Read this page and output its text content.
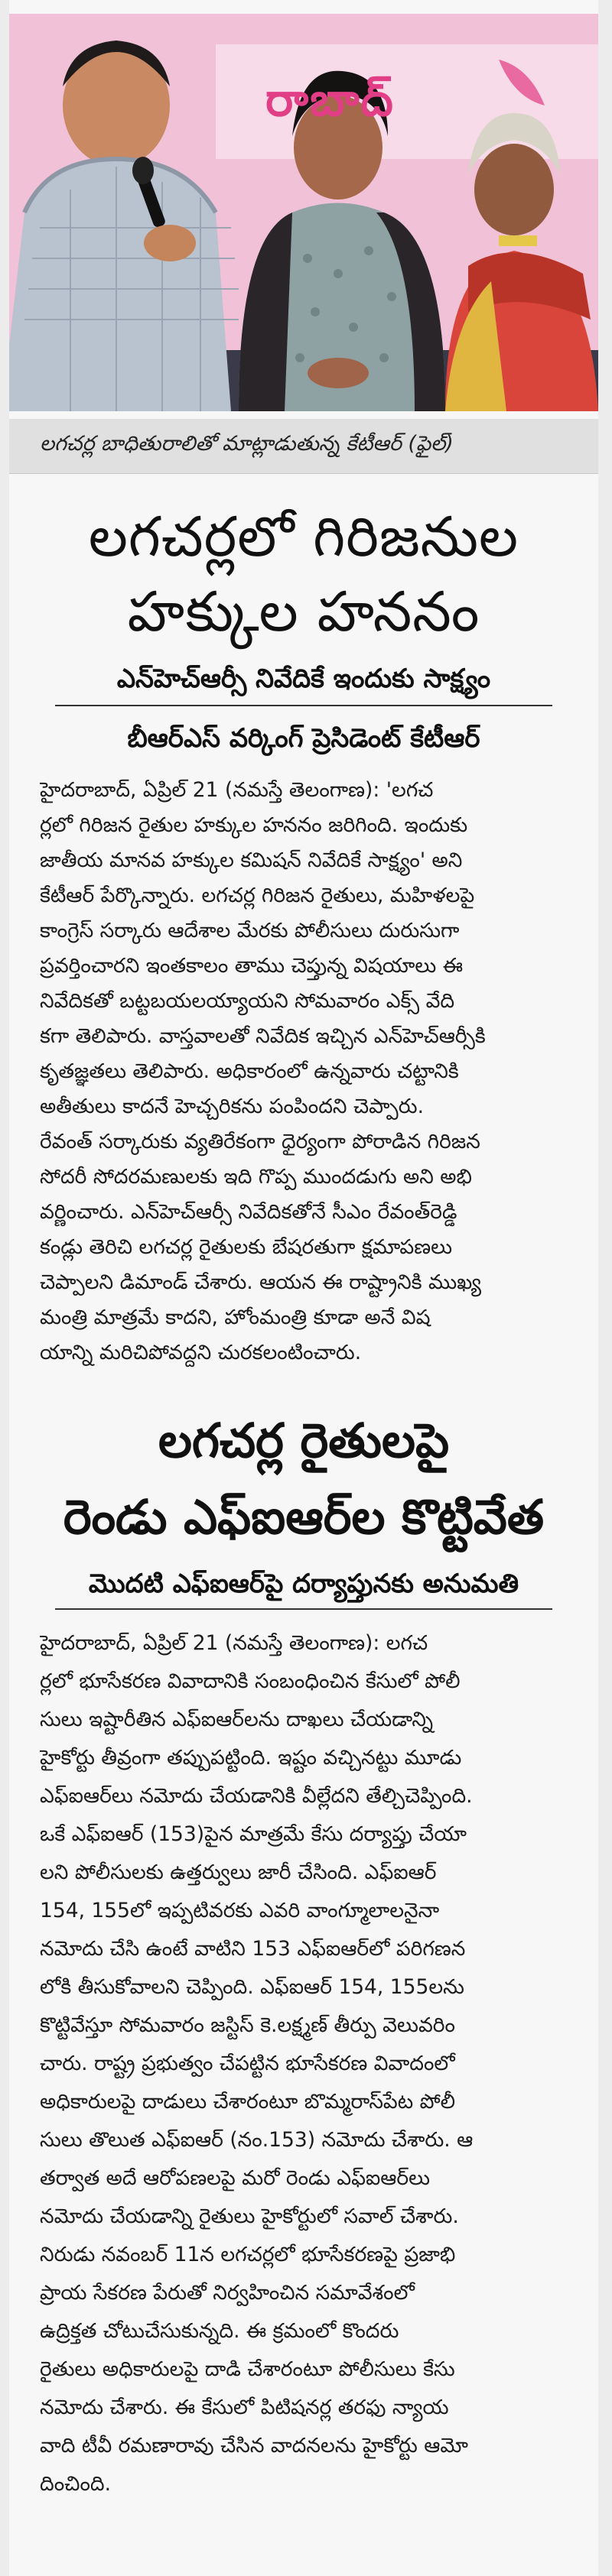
రాబాద్
లగచర్ల బాధితురాలితో మాట్లాడుతున్న కేటీఆర్ (ఫైల్)
లగచర్లలో గిరిజనుల
హక్కుల హననం
ఎన్‌హెచ్‌ఆర్సీ నివేదికే ఇందుకు సాక్ష్యం
బీఆర్‌ఎస్ వర్కింగ్ ప్రెసిడెంట్ కేటీఆర్
హైదరాబాద్, ఏప్రిల్ 21 (నమస్తే తెలంగాణ): 'లగచ
ర్లలో గిరిజన రైతుల హక్కుల హననం జరిగింది. ఇందుకు
జాతీయ మానవ హక్కుల కమిషన్ నివేదికే సాక్ష్యం' అని
కేటీఆర్ పేర్కొన్నారు. లగచర్ల గిరిజన రైతులు, మహిళలపై
కాంగ్రెస్ సర్కారు ఆదేశాల మేరకు పోలీసులు దురుసుగా
ప్రవర్తించారని ఇంతకాలం తాము చెప్తున్న విషయాలు ఈ
నివేదికతో బట్టబయలయ్యాయని సోమవారం ఎక్స్ వేది
కగా తెలిపారు. వాస్తవాలతో నివేదిక ఇచ్చిన ఎన్‌హెచ్‌ఆర్సీకి
కృతజ్ఞతలు తెలిపారు. అధికారంలో ఉన్నవారు చట్టానికి
అతీతులు కాదనే హెచ్చరికను పంపిందని చెప్పారు.
రేవంత్ సర్కారుకు వ్యతిరేకంగా ధైర్యంగా పోరాడిన గిరిజన
సోదరీ సోదరమణులకు ఇది గొప్ప ముందడుగు అని అభి
వర్ణించారు. ఎన్‌హెచ్‌ఆర్సీ నివేదికతోనే సీఎం రేవంత్‌రెడ్డి
కండ్లు తెరిచి లగచర్ల రైతులకు బేషరతుగా క్షమాపణలు
చెప్పాలని డిమాండ్ చేశారు. ఆయన ఈ రాష్ట్రానికి ముఖ్య
మంత్రి మాత్రమే కాదని, హోంమంత్రి కూడా అనే విష
యాన్ని మరిచిపోవద్దని చురకలంటించారు.
లగచర్ల రైతులపై
రెండు ఎఫ్‌ఐఆర్‌ల కొట్టివేత
మొదటి ఎఫ్‌ఐఆర్‌పై దర్యాప్తునకు అనుమతి
హైదరాబాద్, ఏప్రిల్ 21 (నమస్తే తెలంగాణ): లగచ
ర్లలో భూసేకరణ వివాదానికి సంబంధించిన కేసులో పోలీ
సులు ఇష్టారీతిన ఎఫ్‌ఐఆర్‌లను దాఖలు చేయడాన్ని
హైకోర్టు తీవ్రంగా తప్పుపట్టింది. ఇష్టం వచ్చినట్టు మూడు
ఎఫ్‌ఐఆర్‌లు నమోదు చేయడానికి వీల్లేదని తేల్చిచెప్పింది.
ఒకే ఎఫ్‌ఐఆర్ (153)పైన మాత్రమే కేసు దర్యాప్తు చేయా
లని పోలీసులకు ఉత్తర్వులు జారీ చేసింది. ఎఫ్‌ఐఆర్
154, 155లో ఇప్పటివరకు ఎవరి వాంగ్మూలాలనైనా
నమోదు చేసి ఉంటే వాటిని 153 ఎఫ్‌ఐఆర్‌లో పరిగణన
లోకి తీసుకోవాలని చెప్పింది. ఎఫ్‌ఐఆర్ 154, 155లను
కొట్టివేస్తూ సోమవారం జస్టిస్ కె.లక్ష్మణ్ తీర్పు వెలువరిం
చారు. రాష్ట్ర ప్రభుత్వం చేపట్టిన భూసేకరణ వివాదంలో
అధికారులపై దాడులు చేశారంటూ బొమ్మరాస్‌పేట పోలీ
సులు తొలుత ఎఫ్‌ఐఆర్ (నం.153) నమోదు చేశారు. ఆ
తర్వాత అదే ఆరోపణలపై మరో రెండు ఎఫ్‌ఐఆర్‌లు
నమోదు చేయడాన్ని రైతులు హైకోర్టులో సవాల్ చేశారు.
నిరుడు నవంబర్ 11న లగచర్లలో భూసేకరణపై ప్రజాభి
ప్రాయ సేకరణ పేరుతో నిర్వహించిన సమావేశంలో
ఉద్రిక్తత చోటుచేసుకున్నది. ఈ క్రమంలో కొందరు
రైతులు అధికారులపై దాడి చేశారంటూ పోలీసులు కేసు
నమోదు చేశారు. ఈ కేసులో పిటిషనర్ల తరఫు న్యాయ
వాది టీవీ రమణారావు చేసిన వాదనలను హైకోర్టు ఆమో
దించింది.
